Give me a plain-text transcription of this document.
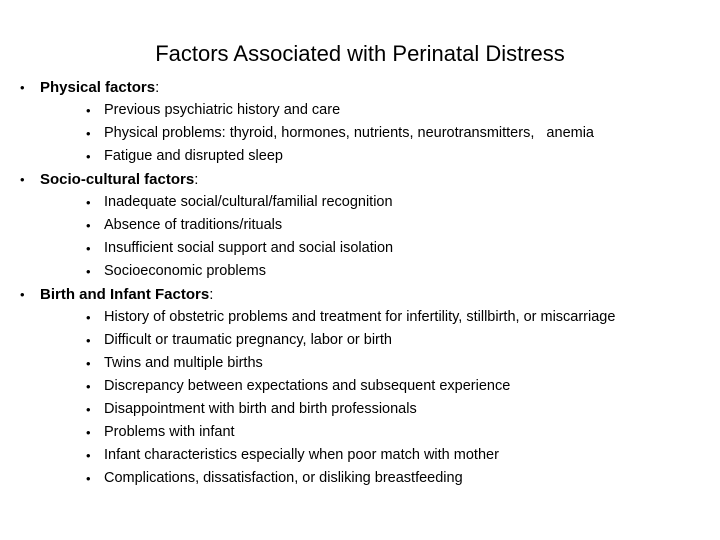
Factors Associated with Perinatal Distress
• Physical factors:
• Previous psychiatric history and care
• Physical problems: thyroid, hormones, nutrients, neurotransmitters,   anemia
• Fatigue and disrupted sleep
• Socio-cultural factors:
• Inadequate social/cultural/familial recognition
• Absence of traditions/rituals
• Insufficient social support and social isolation
• Socioeconomic problems
• Birth and Infant Factors:
• History of obstetric problems and treatment for infertility, stillbirth, or miscarriage
• Difficult or traumatic pregnancy, labor or birth
• Twins and multiple births
• Discrepancy between expectations and subsequent experience
• Disappointment with birth and birth professionals
• Problems with infant
• Infant characteristics especially when poor match with mother
• Complications, dissatisfaction, or disliking breastfeeding
